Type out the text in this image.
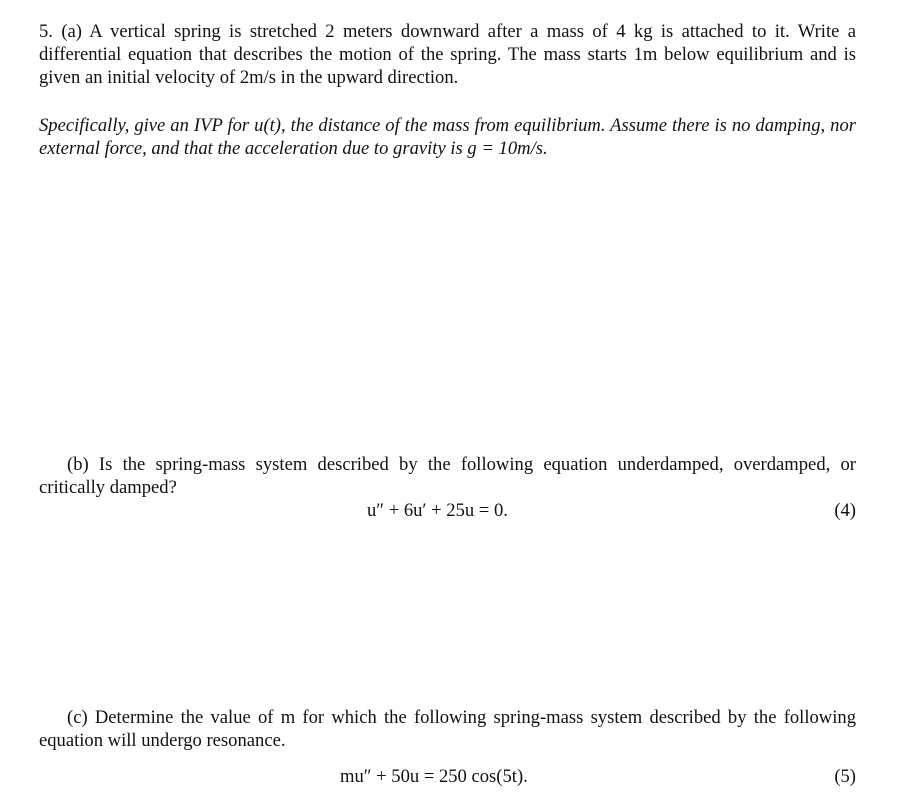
5. (a) A vertical spring is stretched 2 meters downward after a mass of 4 kg is attached to it. Write a differential equation that describes the motion of the spring. The mass starts 1m below equilibrium and is given an initial velocity of 2m/s in the upward direction.
Specifically, give an IVP for u(t), the distance of the mass from equilibrium. Assume there is no damping, nor external force, and that the acceleration due to gravity is g = 10m/s.
(b) Is the spring-mass system described by the following equation underdamped, overdamped, or critically damped?
u″ + 6u′ + 25u = 0.	(4)
(c) Determine the value of m for which the following spring-mass system described by the following equation will undergo resonance.
mu″ + 50u = 250 cos(5t).	(5)
